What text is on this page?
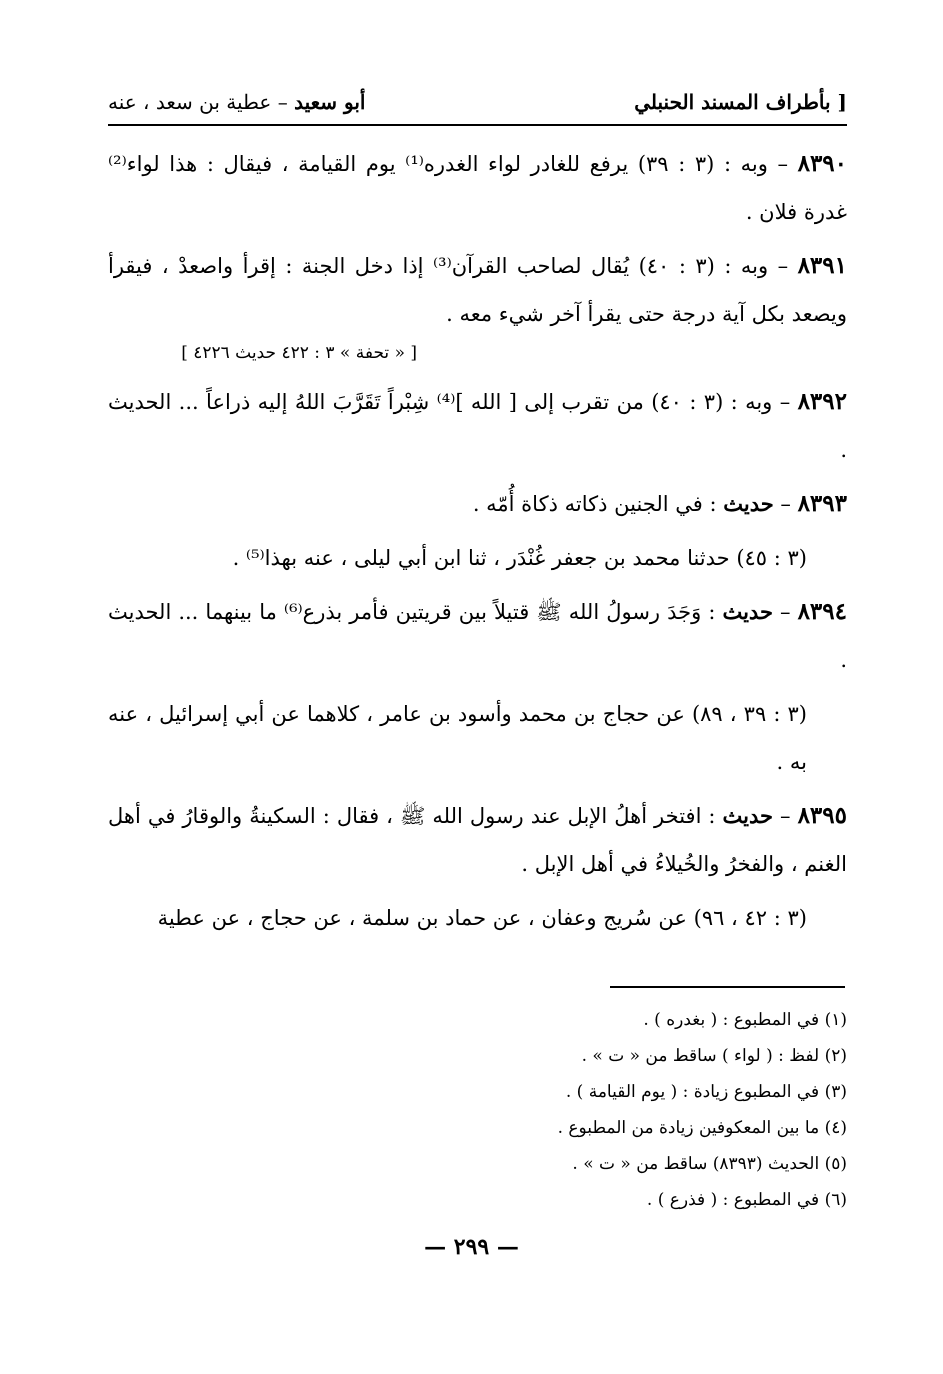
بأطراف المسند الحنبلي ]
أبو سعيد – عطية بن سعد ، عنه

٨٣٩٠ – وبه : (٣ : ٣٩) يرفع للغادر لواء الغدره⁽¹⁾ يوم القيامة ، فيقال : هذا لواء⁽²⁾ غدرة فلان .

٨٣٩١ – وبه : (٣ : ٤٠) يُقال لصاحب القرآن⁽³⁾ إذا دخل الجنة : إقرأ واصعدْ ، فيقرأ ويصعد بكل آية درجة حتى يقرأ آخر شيء معه .

[ « تحفة » ٣ : ٤٢٢ حديث ٤٢٢٦ ]

٨٣٩٢ – وبه : (٣ : ٤٠) من تقرب إلى [ الله ]⁽⁴⁾ شِبْراً تَقَرَّبَ اللهُ إليه ذراعاً ... الحديث .

٨٣٩٣ – حديث : في الجنين ذكاته ذكاة أُمّه .

(٣ : ٤٥) حدثنا محمد بن جعفر غُنْدَر ، ثنا ابن أبي ليلى ، عنه بهذا⁽⁵⁾ .

٨٣٩٤ – حديث : وَجَدَ رسولُ الله ﷺ قتيلاً بين قريتين فأمر بذرع⁽⁶⁾ ما بينهما ... الحديث .

(٣ : ٣٩ ، ٨٩) عن حجاج بن محمد وأسود بن عامر ، كلاهما عن أبي إسرائيل ، عنه به .

٨٣٩٥ – حديث : افتخر أهلُ الإبل عند رسول الله ﷺ ، فقال : السكينةُ والوقارُ في أهل الغنم ، والفخرُ والخُيلاءُ في أهل الإبل .

(٣ : ٤٢ ، ٩٦) عن سُريج وعفان ، عن حماد بن سلمة ، عن حجاج ، عن عطية

(١) في المطبوع : ( بغدره ) .
(٢) لفظ : ( لواء ) ساقط من « ت » .
(٣) في المطبوع زيادة : ( يوم القيامة ) .
(٤) ما بين المعكوفين زيادة من المطبوع .
(٥) الحديث (٨٣٩٣) ساقط من « ت » .
(٦) في المطبوع : ( فذرع ) .
— ٢٩٩ —
